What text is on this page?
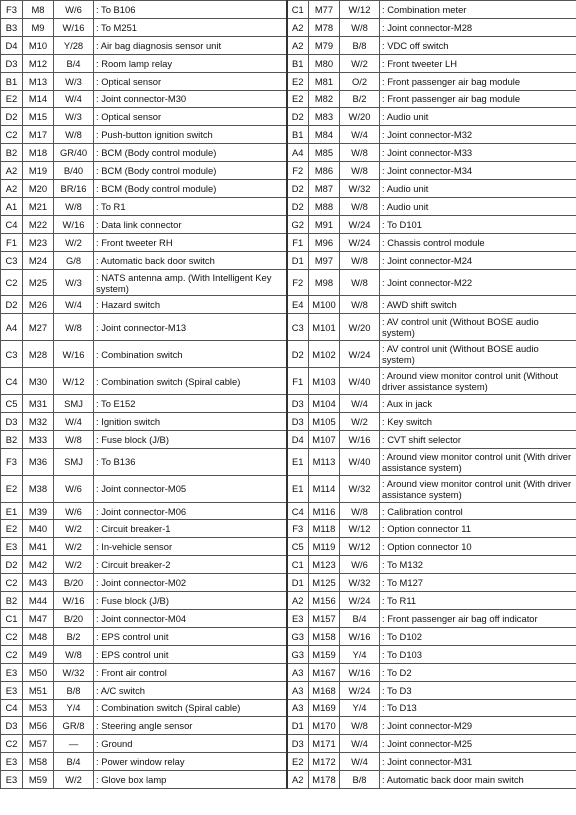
F3	M8	W/6	: To B106	C1	M77	W/12	: Combination meter
B3	M9	W/16	: To M251	A2	M78	W/8	: Joint connector-M28
D4	M10	Y/28	: Air bag diagnosis sensor unit	A2	M79	B/8	: VDC off switch
D3	M12	B/4	: Room lamp relay	B1	M80	W/2	: Front tweeter LH
B1	M13	W/3	: Optical sensor	E2	M81	O/2	: Front passenger air bag module
E2	M14	W/4	: Joint connector-M30	E2	M82	B/2	: Front passenger air bag module
D2	M15	W/3	: Optical sensor	D2	M83	W/20	: Audio unit
C2	M17	W/8	: Push-button ignition switch	B1	M84	W/4	: Joint connector-M32
B2	M18	GR/40	: BCM (Body control module)	A4	M85	W/8	: Joint connector-M33
A2	M19	B/40	: BCM (Body control module)	F2	M86	W/8	: Joint connector-M34
A2	M20	BR/16	: BCM (Body control module)	D2	M87	W/32	: Audio unit
A1	M21	W/8	: To R1	D2	M88	W/8	: Audio unit
C4	M22	W/16	: Data link connector	G2	M91	W/24	: To D101
F1	M23	W/2	: Front tweeter RH	F1	M96	W/24	: Chassis control module
C3	M24	G/8	: Automatic back door switch	D1	M97	W/8	: Joint connector-M24
C2	M25	W/3	: NATS antenna amp. (With Intelligent Key system)	F2	M98	W/8	: Joint connector-M22
D2	M26	W/4	: Hazard switch	E4	M100	W/8	: AWD shift switch
A4	M27	W/8	: Joint connector-M13	C3	M101	W/20	: AV control unit (Without BOSE audio system)
C3	M28	W/16	: Combination switch	D2	M102	W/24	: AV control unit (Without BOSE audio system)
C4	M30	W/12	: Combination switch (Spiral cable)	F1	M103	W/40	: Around view monitor control unit (Without driver assistance system)
C5	M31	SMJ	: To E152	D3	M104	W/4	: Aux in jack
D3	M32	W/4	: Ignition switch	D3	M105	W/2	: Key switch
B2	M33	W/8	: Fuse block (J/B)	D4	M107	W/16	: CVT shift selector
F3	M36	SMJ	: To B136	E1	M113	W/40	: Around view monitor control unit (With driver assistance system)
E2	M38	W/6	: Joint connector-M05	E1	M114	W/32	: Around view monitor control unit (With driver assistance system)
E1	M39	W/6	: Joint connector-M06	C4	M116	W/8	: Calibration control
E2	M40	W/2	: Circuit breaker-1	F3	M118	W/12	: Option connector 11
E3	M41	W/2	: In-vehicle sensor	C5	M119	W/12	: Option connector 10
D2	M42	W/2	: Circuit breaker-2	C1	M123	W/6	: To M132
C2	M43	B/20	: Joint connector-M02	D1	M125	W/32	: To M127
B2	M44	W/16	: Fuse block (J/B)	A2	M156	W/24	: To R11
C1	M47	B/20	: Joint connector-M04	E3	M157	B/4	: Front passenger air bag off indicator
C2	M48	B/2	: EPS control unit	G3	M158	W/16	: To D102
C2	M49	W/8	: EPS control unit	G3	M159	Y/4	: To D103
E3	M50	W/32	: Front air control	A3	M167	W/16	: To D2
E3	M51	B/8	: A/C switch	A3	M168	W/24	: To D3
C4	M53	Y/4	: Combination switch (Spiral cable)	A3	M169	Y/4	: To D13
D3	M56	GR/8	: Steering angle sensor	D1	M170	W/8	: Joint connector-M29
C2	M57	—	: Ground	D3	M171	W/4	: Joint connector-M25
E3	M58	B/4	: Power window relay	E2	M172	W/4	: Joint connector-M31
E3	M59	W/2	: Glove box lamp	A2	M178	B/8	: Automatic back door main switch
